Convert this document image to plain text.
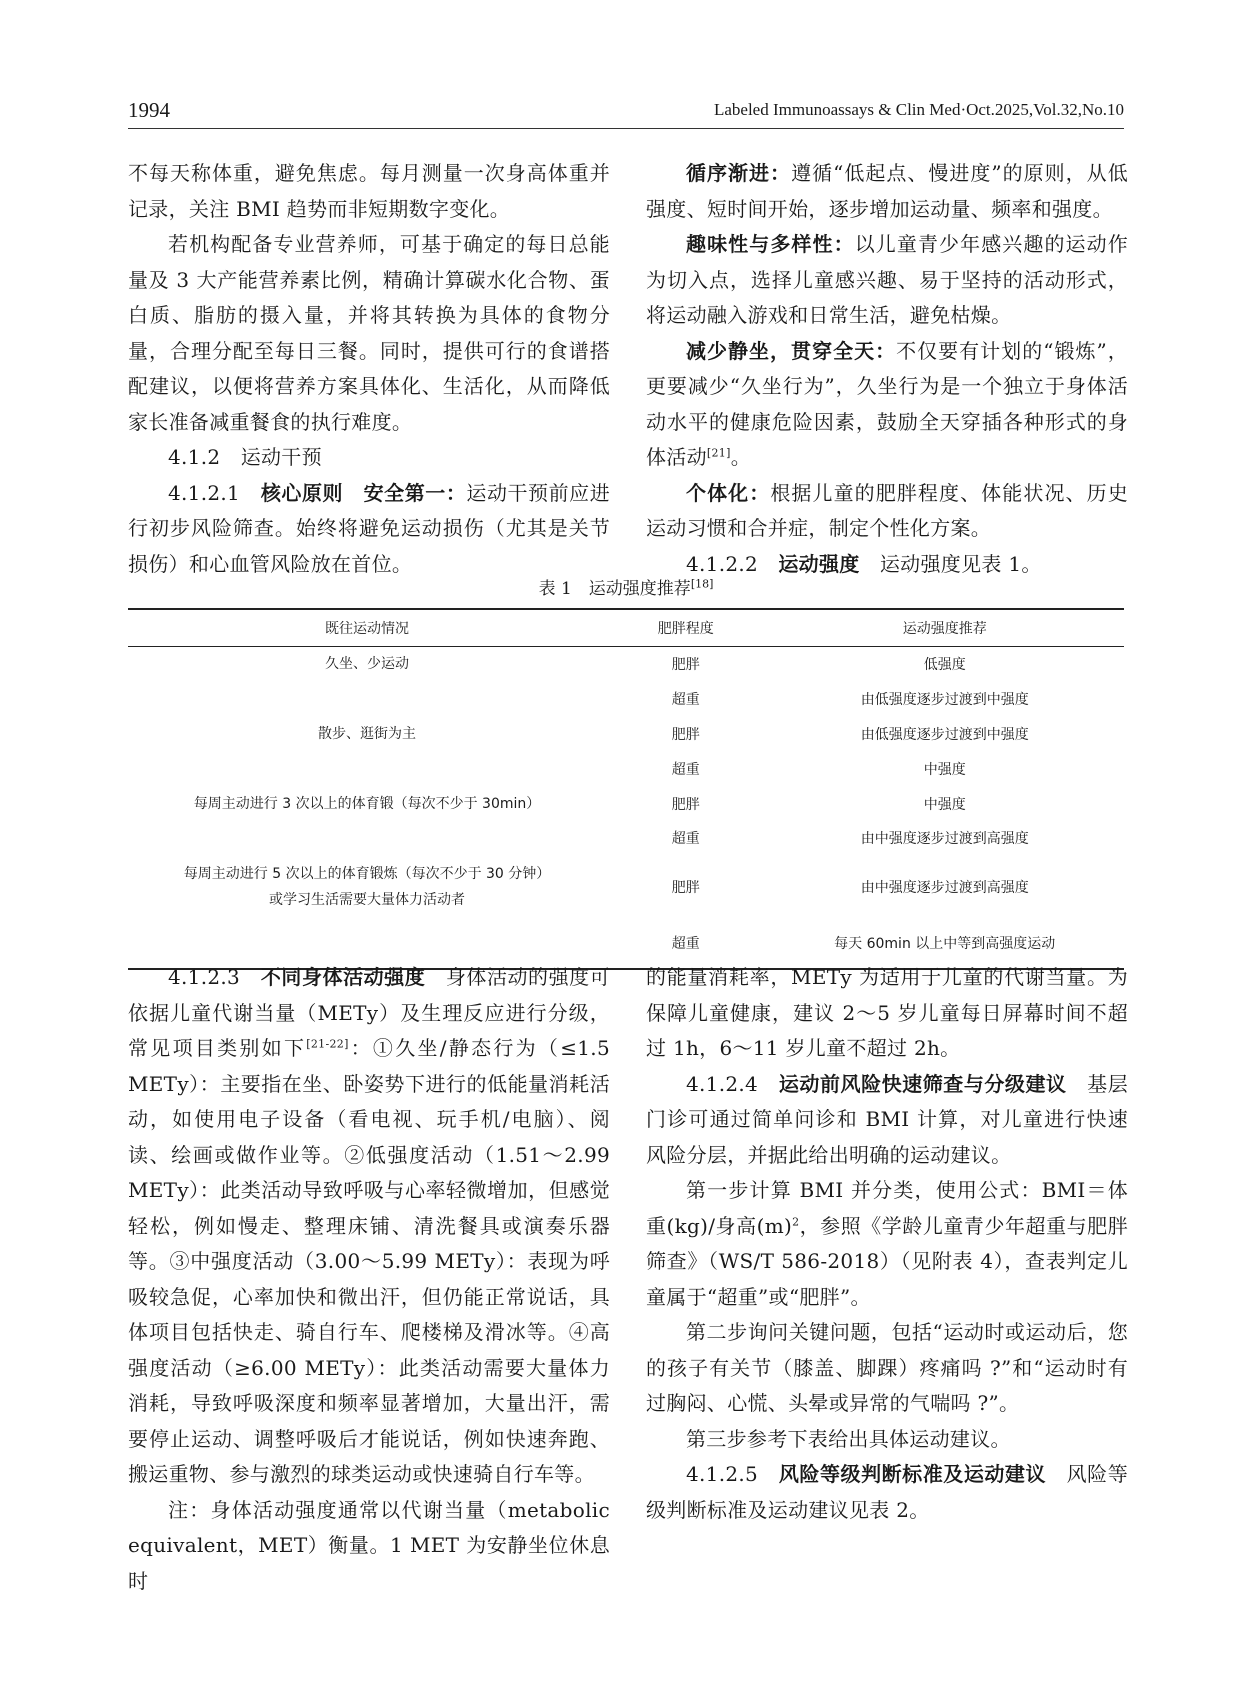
1994	Labeled Immunoassays & Clin Med·Oct.2025,Vol.32,No.10

不每天称体重，避免焦虑。每月测量一次身高体重并记录，关注 BMI 趋势而非短期数字变化。

若机构配备专业营养师，可基于确定的每日总能量及 3 大产能营养素比例，精确计算碳水化合物、蛋白质、脂肪的摄入量，并将其转换为具体的食物分量，合理分配至每日三餐。同时，提供可行的食谱搭配建议，以便将营养方案具体化、生活化，从而降低家长准备减重餐食的执行难度。

4.1.2　运动干预

4.1.2.1　核心原则　安全第一：运动干预前应进行初步风险筛查。始终将避免运动损伤（尤其是关节损伤）和心血管风险放在首位。

循序渐进：遵循“低起点、慢进度”的原则，从低强度、短时间开始，逐步增加运动量、频率和强度。

趣味性与多样性：以儿童青少年感兴趣的运动作为切入点，选择儿童感兴趣、易于坚持的活动形式，将运动融入游戏和日常生活，避免枯燥。

减少静坐，贯穿全天：不仅要有计划的“锻炼”，更要减少“久坐行为”，久坐行为是一个独立于身体活动水平的健康危险因素，鼓励全天穿插各种形式的身体活动[21]。

个体化：根据儿童的肥胖程度、体能状况、历史运动习惯和合并症，制定个性化方案。

4.1.2.2　运动强度　运动强度见表 1。

表 1　运动强度推荐[18]
既往运动情况	肥胖程度	运动强度推荐
久坐、少运动	肥胖	低强度
	超重	由低强度逐步过渡到中强度
散步、逛街为主	肥胖	由低强度逐步过渡到中强度
	超重	中强度
每周主动进行 3 次以上的体育锻（每次不少于 30min）	肥胖	中强度
	超重	由中强度逐步过渡到高强度
每周主动进行 5 次以上的体育锻炼（每次不少于 30 分钟）
或学习生活需要大量体力活动者	肥胖	由中强度逐步过渡到高强度
	超重	每天 60min 以上中等到高强度运动

4.1.2.3　不同身体活动强度　身体活动的强度可依据儿童代谢当量（METy）及生理反应进行分级，常见项目类别如下[21-22]：①久坐/静态行为（≤1.5 METy）：主要指在坐、卧姿势下进行的低能量消耗活动，如使用电子设备（看电视、玩手机/电脑）、阅读、绘画或做作业等。②低强度活动（1.51～2.99 METy）：此类活动导致呼吸与心率轻微增加，但感觉轻松，例如慢走、整理床铺、清洗餐具或演奏乐器等。③中强度活动（3.00～5.99 METy）：表现为呼吸较急促，心率加快和微出汗，但仍能正常说话，具体项目包括快走、骑自行车、爬楼梯及滑冰等。④高强度活动（≥6.00 METy）：此类活动需要大量体力消耗，导致呼吸深度和频率显著增加，大量出汗，需要停止运动、调整呼吸后才能说话，例如快速奔跑、搬运重物、参与激烈的球类运动或快速骑自行车等。

注：身体活动强度通常以代谢当量（metabolic equivalent，MET）衡量。1 MET 为安静坐位休息时

的能量消耗率，METy 为适用于儿童的代谢当量。为保障儿童健康，建议 2～5 岁儿童每日屏幕时间不超过 1h，6～11 岁儿童不超过 2h。

4.1.2.4　运动前风险快速筛查与分级建议　基层门诊可通过简单问诊和 BMI 计算，对儿童进行快速风险分层，并据此给出明确的运动建议。

第一步计算 BMI 并分类，使用公式：BMI＝体重(kg)/身高$(m)^2$，参照《学龄儿童青少年超重与肥胖筛查》（WS/T 586-2018）（见附表 4），查表判定儿童属于“超重”或“肥胖”。

第二步询问关键问题，包括“运动时或运动后，您的孩子有关节（膝盖、脚踝）疼痛吗 ?”和“运动时有过胸闷、心慌、头晕或异常的气喘吗 ?”。

第三步参考下表给出具体运动建议。

4.1.2.5　风险等级判断标准及运动建议　风险等级判断标准及运动建议见表 2。
